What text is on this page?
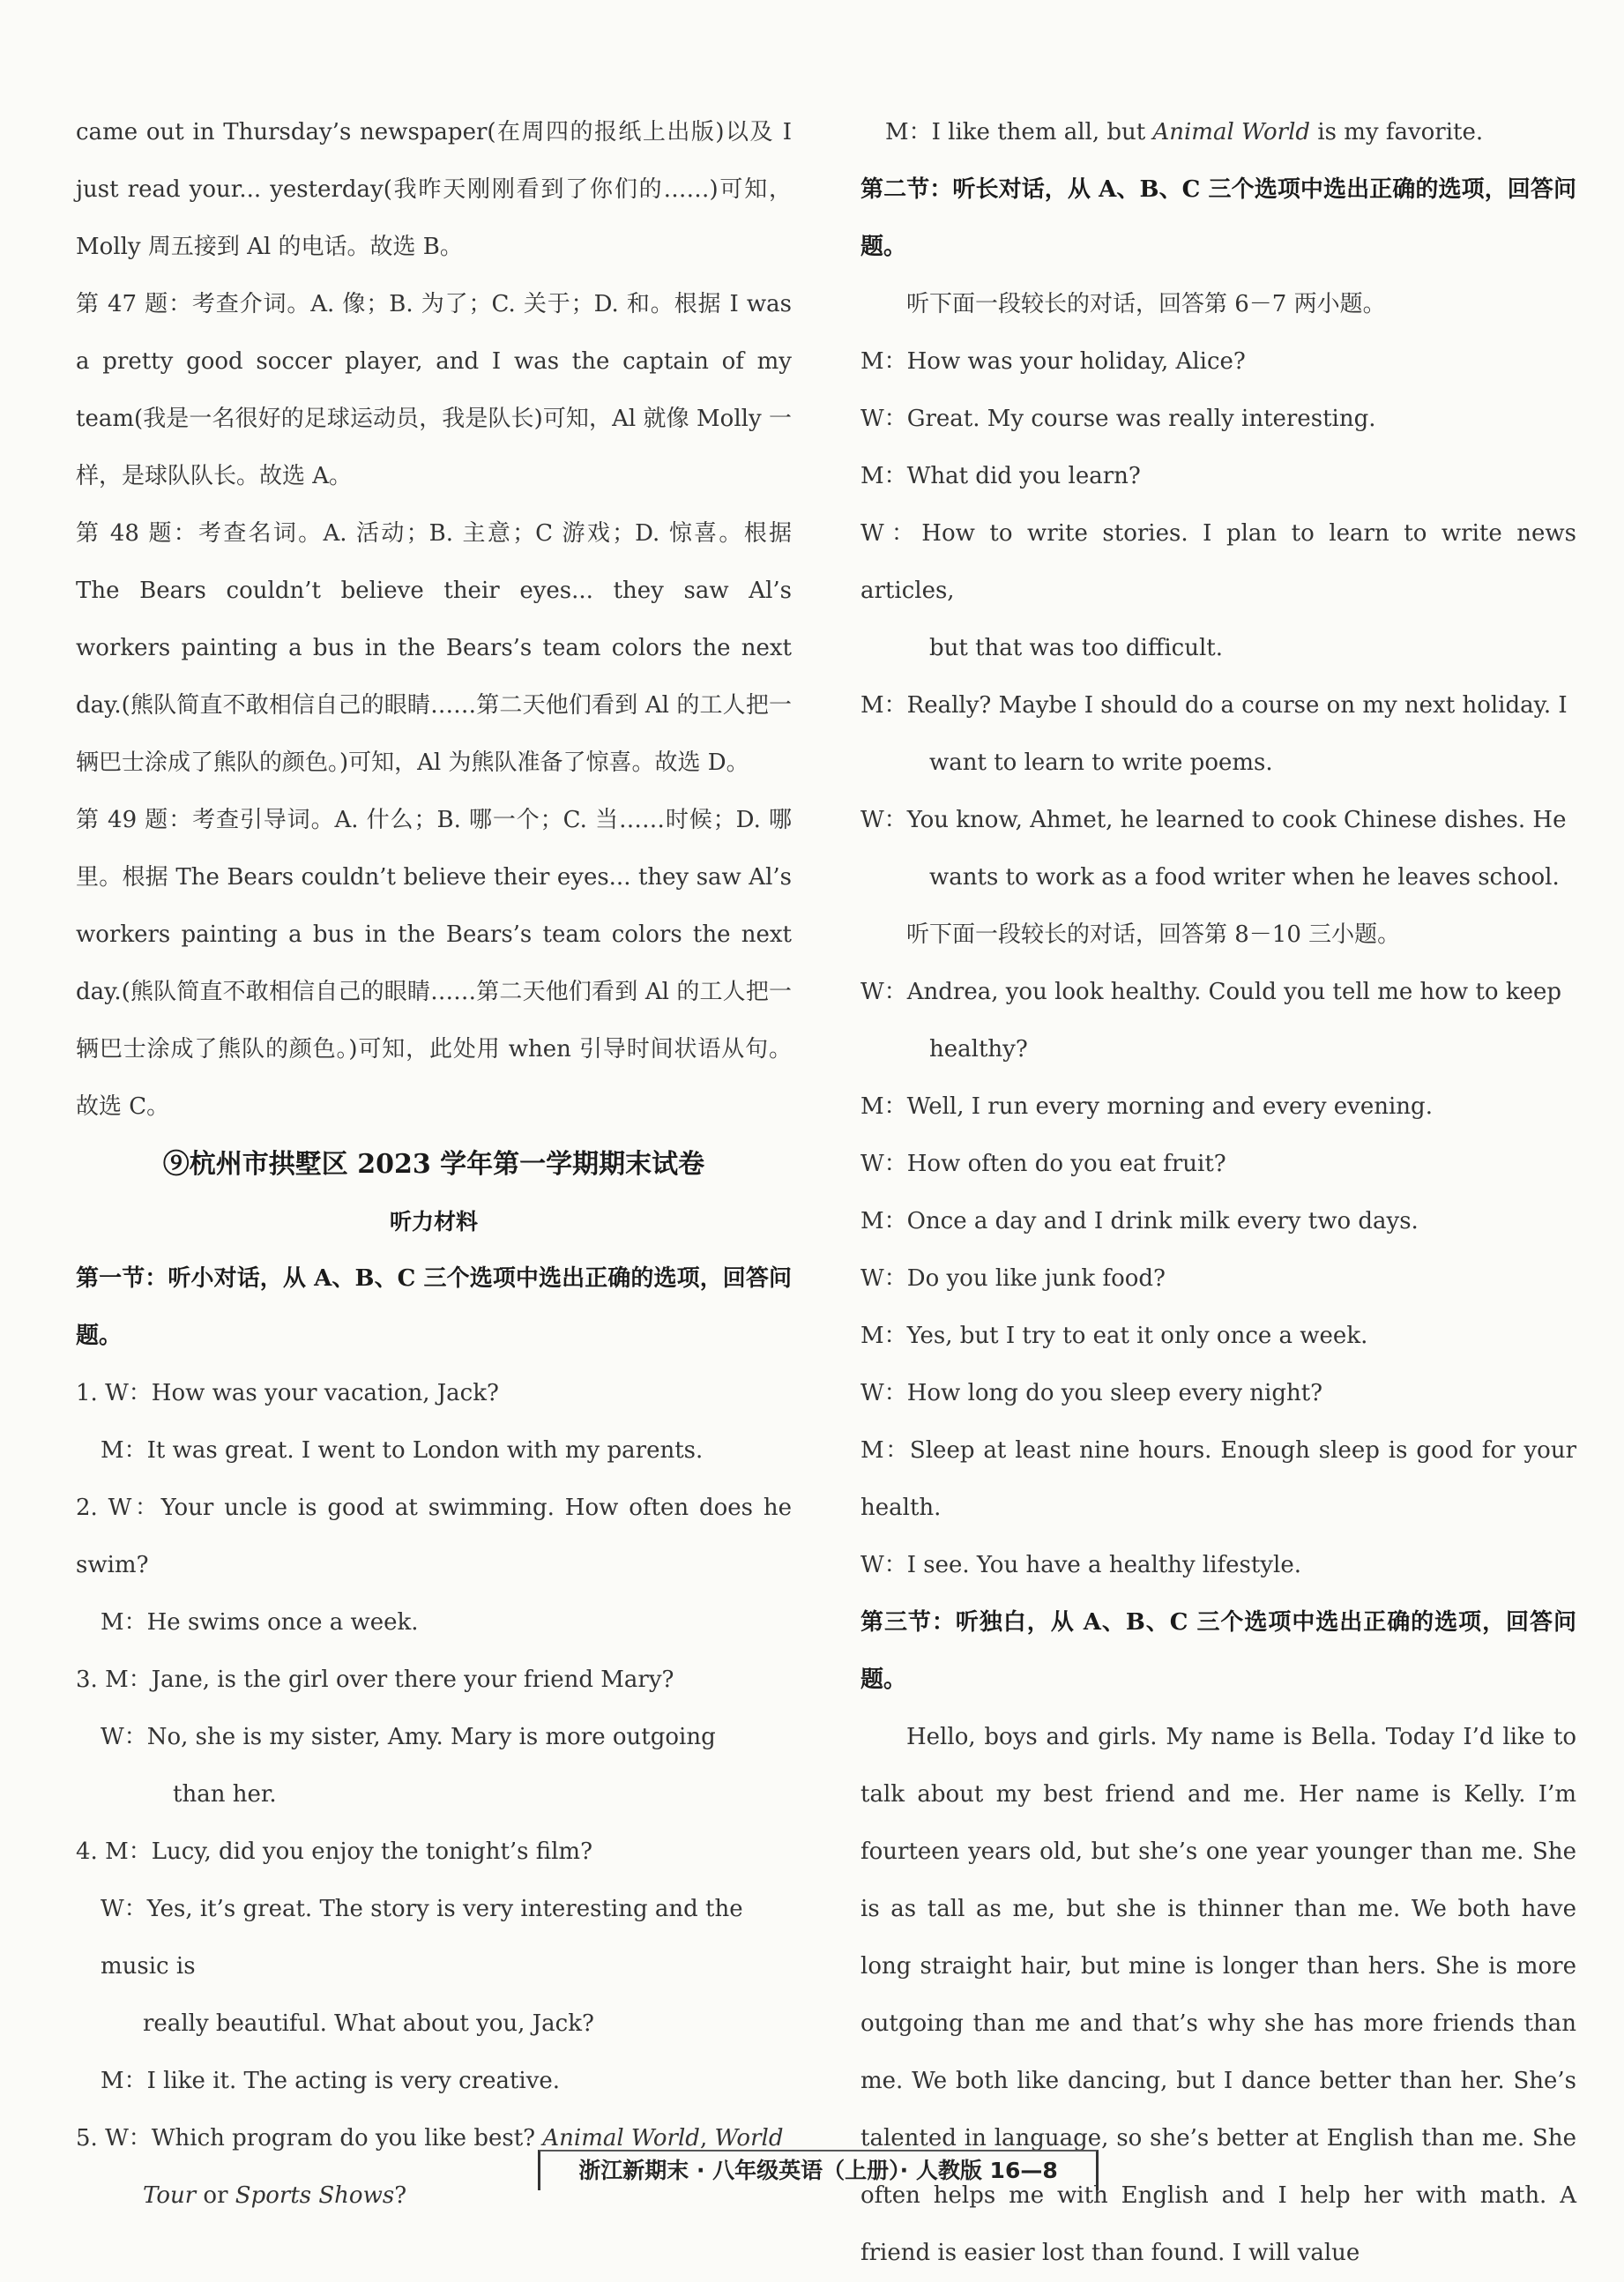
came out in Thursday’s newspaper(在周四的报纸上出版)以及 I just read your... yesterday(我昨天刚刚看到了你们的……)可知，Molly 周五接到 Al 的电话。故选 B。

第 47 题：考查介词。A. 像；B. 为了；C. 关于；D. 和。根据 I was a pretty good soccer player, and I was the captain of my team(我是一名很好的足球运动员，我是队长)可知，Al 就像 Molly 一样，是球队队长。故选 A。

第 48 题：考查名词。A. 活动；B. 主意；C 游戏；D. 惊喜。根据 The Bears couldn’t believe their eyes... they saw Al’s workers painting a bus in the Bears’s team colors the next day.(熊队简直不敢相信自己的眼睛……第二天他们看到 Al 的工人把一辆巴士涂成了熊队的颜色。)可知，Al 为熊队准备了惊喜。故选 D。

第 49 题：考查引导词。A. 什么；B. 哪一个；C. 当……时候；D. 哪里。根据 The Bears couldn’t believe their eyes... they saw Al’s workers painting a bus in the Bears’s team colors the next day.(熊队简直不敢相信自己的眼睛……第二天他们看到 Al 的工人把一辆巴士涂成了熊队的颜色。)可知，此处用 when 引导时间状语从句。故选 C。

⑨杭州市拱墅区 2023 学年第一学期期末试卷

听力材料

第一节：听小对话，从 A、B、C 三个选项中选出正确的选项，回答问题。

1. W：How was your vacation, Jack?

M：It was great. I went to London with my parents.

2. W：Your uncle is good at swimming. How often does he swim?

M：He swims once a week.

3. M：Jane, is the girl over there your friend Mary?

W：No, she is my sister, Amy. Mary is more outgoing

than her.

4. M：Lucy, did you enjoy the tonight’s film?

W：Yes, it’s great. The story is very interesting and the music is

really beautiful. What about you, Jack?

M：I like it. The acting is very creative.

5. W：Which program do you like best? Animal World, World

Tour or Sports Shows?

M：I like them all, but Animal World is my favorite.

第二节：听长对话，从 A、B、C 三个选项中选出正确的选项，回答问题。

听下面一段较长的对话，回答第 6－7 两小题。

M：How was your holiday, Alice?

W：Great. My course was really interesting.

M：What did you learn?

W：How to write stories. I plan to learn to write news articles,

but that was too difficult.

M：Really? Maybe I should do a course on my next holiday. I

want to learn to write poems.

W：You know, Ahmet, he learned to cook Chinese dishes. He

wants to work as a food writer when he leaves school.

听下面一段较长的对话，回答第 8－10 三小题。

W：Andrea, you look healthy. Could you tell me how to keep

healthy?

M：Well, I run every morning and every evening.

W：How often do you eat fruit?

M：Once a day and I drink milk every two days.

W：Do you like junk food?

M：Yes, but I try to eat it only once a week.

W：How long do you sleep every night?

M：Sleep at least nine hours. Enough sleep is good for your health.

W：I see. You have a healthy lifestyle.

第三节：听独白，从 A、B、C 三个选项中选出正确的选项，回答问题。

Hello, boys and girls. My name is Bella. Today I’d like to talk about my best friend and me. Her name is Kelly. I’m fourteen years old, but she’s one year younger than me. She is as tall as me, but she is thinner than me. We both have long straight hair, but mine is longer than hers. She is more outgoing than me and that’s why she has more friends than me. We both like dancing, but I dance better than her. She’s talented in language, so she’s better at English than me. She often helps me with English and I help her with math. A friend is easier lost than found. I will value

浙江新期末 · 八年级英语（上册）· 人教版 16—8
